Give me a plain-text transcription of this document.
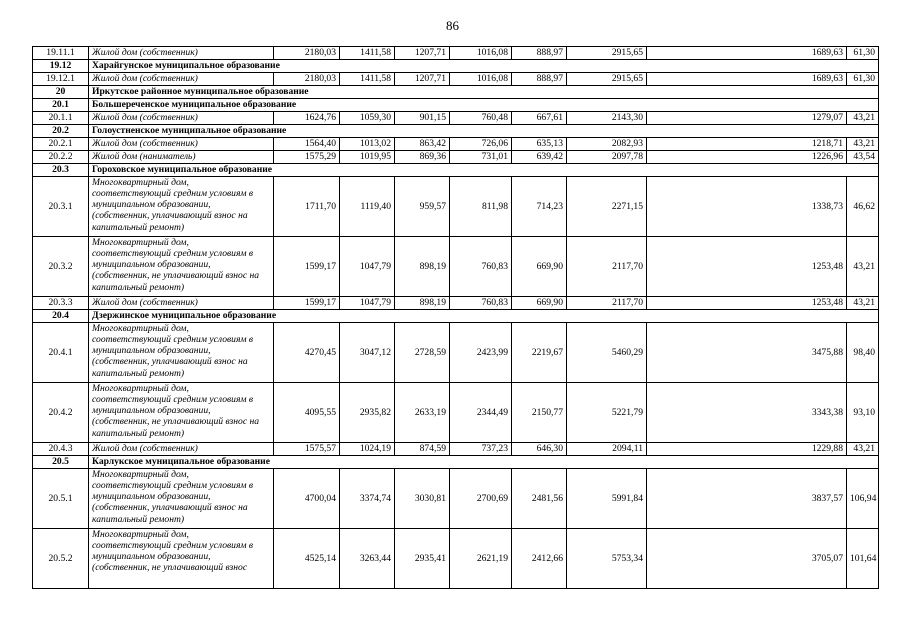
86
19.11.1	Жилой дом (собственник)	2180,03	1411,58	1207,71	1016,08	888,97	2915,65	1689,63	61,30
19.12	Харайгунское муниципальное образование								
19.12.1	Жилой дом (собственник)	2180,03	1411,58	1207,71	1016,08	888,97	2915,65	1689,63	61,30
20	Иркутское районное муниципальное образование								
20.1	Большереченское муниципальное образование								
20.1.1	Жилой дом (собственник)	1624,76	1059,30	901,15	760,48	667,61	2143,30	1279,07	43,21
20.2	Голоустненское муниципальное образование								
20.2.1	Жилой дом (собственник)	1564,40	1013,02	863,42	726,06	635,13	2082,93	1218,71	43,21
20.2.2	Жилой дом (наниматель)	1575,29	1019,95	869,36	731,01	639,42	2097,78	1226,96	43,54
20.3	Гороховское муниципальное образование								
20.3.1	Многоквартирный дом, соответствующий средним условиям в муниципальном образовании, (собственник, уплачивающий взнос на капитальный ремонт)	1711,70	1119,40	959,57	811,98	714,23	2271,15	1338,73	46,62
20.3.2	Многоквартирный дом, соответствующий средним условиям в муниципальном образовании, (собственник, не уплачивающий взнос на капитальный ремонт)	1599,17	1047,79	898,19	760,83	669,90	2117,70	1253,48	43,21
20.3.3	Жилой дом (собственник)	1599,17	1047,79	898,19	760,83	669,90	2117,70	1253,48	43,21
20.4	Дзержинское муниципальное образование								
20.4.1	Многоквартирный дом, соответствующий средним условиям в муниципальном образовании, (собственник, уплачивающий взнос на капитальный ремонт)	4270,45	3047,12	2728,59	2423,99	2219,67	5460,29	3475,88	98,40
20.4.2	Многоквартирный дом, соответствующий средним условиям в муниципальном образовании, (собственник, не уплачивающий взнос на капитальный ремонт)	4095,55	2935,82	2633,19	2344,49	2150,77	5221,79	3343,38	93,10
20.4.3	Жилой дом (собственник)	1575,57	1024,19	874,59	737,23	646,30	2094,11	1229,88	43,21
20.5	Карлукское муниципальное образование								
20.5.1	Многоквартирный дом, соответствующий средним условиям в муниципальном образовании, (собственник, уплачивающий взнос на капитальный ремонт)	4700,04	3374,74	3030,81	2700,69	2481,56	5991,84	3837,57	106,94
20.5.2	Многоквартирный дом, соответствующий средним условиям в муниципальном образовании, (собственник, не уплачивающий взнос	4525,14	3263,44	2935,41	2621,19	2412,66	5753,34	3705,07	101,64
